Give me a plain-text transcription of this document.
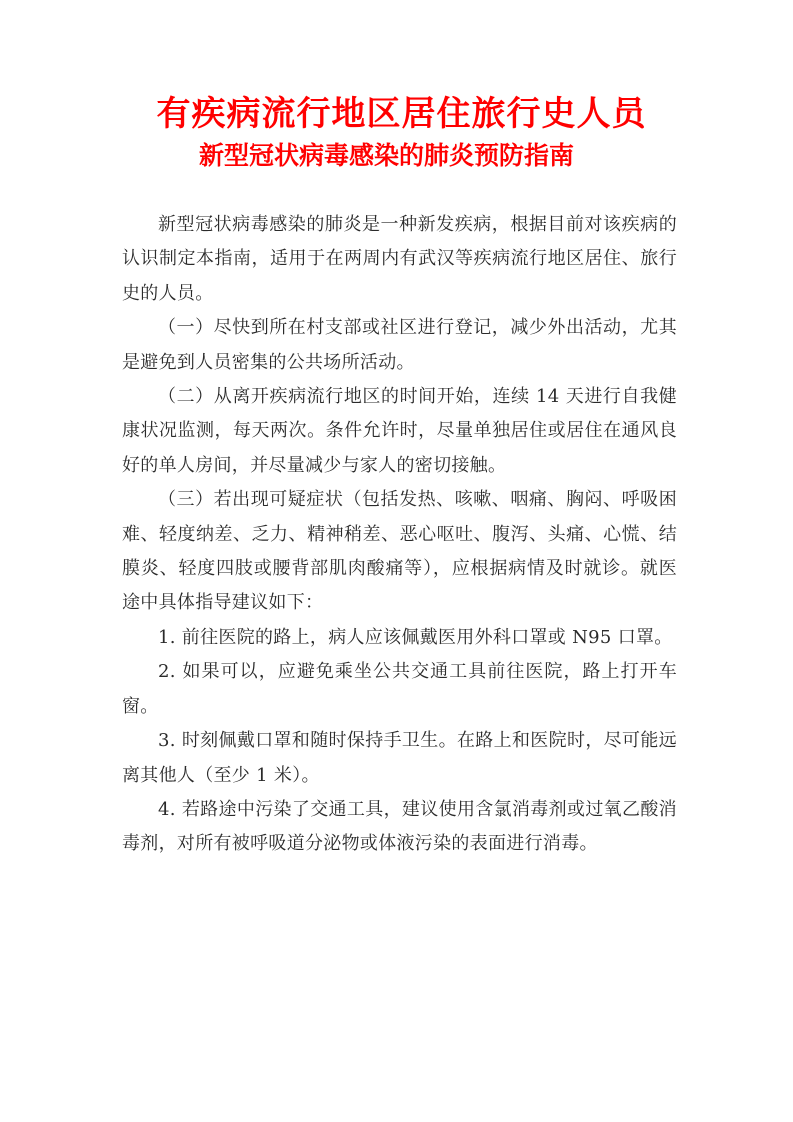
有疾病流行地区居住旅行史人员
新型冠状病毒感染的肺炎预防指南

新型冠状病毒感染的肺炎是一种新发疾病，根据目前对该疾病的认识制定本指南，适用于在两周内有武汉等疾病流行地区居住、旅行史的人员。

（一）尽快到所在村支部或社区进行登记，减少外出活动，尤其是避免到人员密集的公共场所活动。

（二）从离开疾病流行地区的时间开始，连续 14 天进行自我健康状况监测，每天两次。条件允许时，尽量单独居住或居住在通风良好的单人房间，并尽量减少与家人的密切接触。

（三）若出现可疑症状（包括发热、咳嗽、咽痛、胸闷、呼吸困难、轻度纳差、乏力、精神稍差、恶心呕吐、腹泻、头痛、心慌、结膜炎、轻度四肢或腰背部肌肉酸痛等），应根据病情及时就诊。就医途中具体指导建议如下：

1. 前往医院的路上，病人应该佩戴医用外科口罩或 N95 口罩。

2. 如果可以，应避免乘坐公共交通工具前往医院，路上打开车窗。

3. 时刻佩戴口罩和随时保持手卫生。在路上和医院时，尽可能远离其他人（至少 1 米）。

4. 若路途中污染了交通工具，建议使用含氯消毒剂或过氧乙酸消毒剂，对所有被呼吸道分泌物或体液污染的表面进行消毒。
